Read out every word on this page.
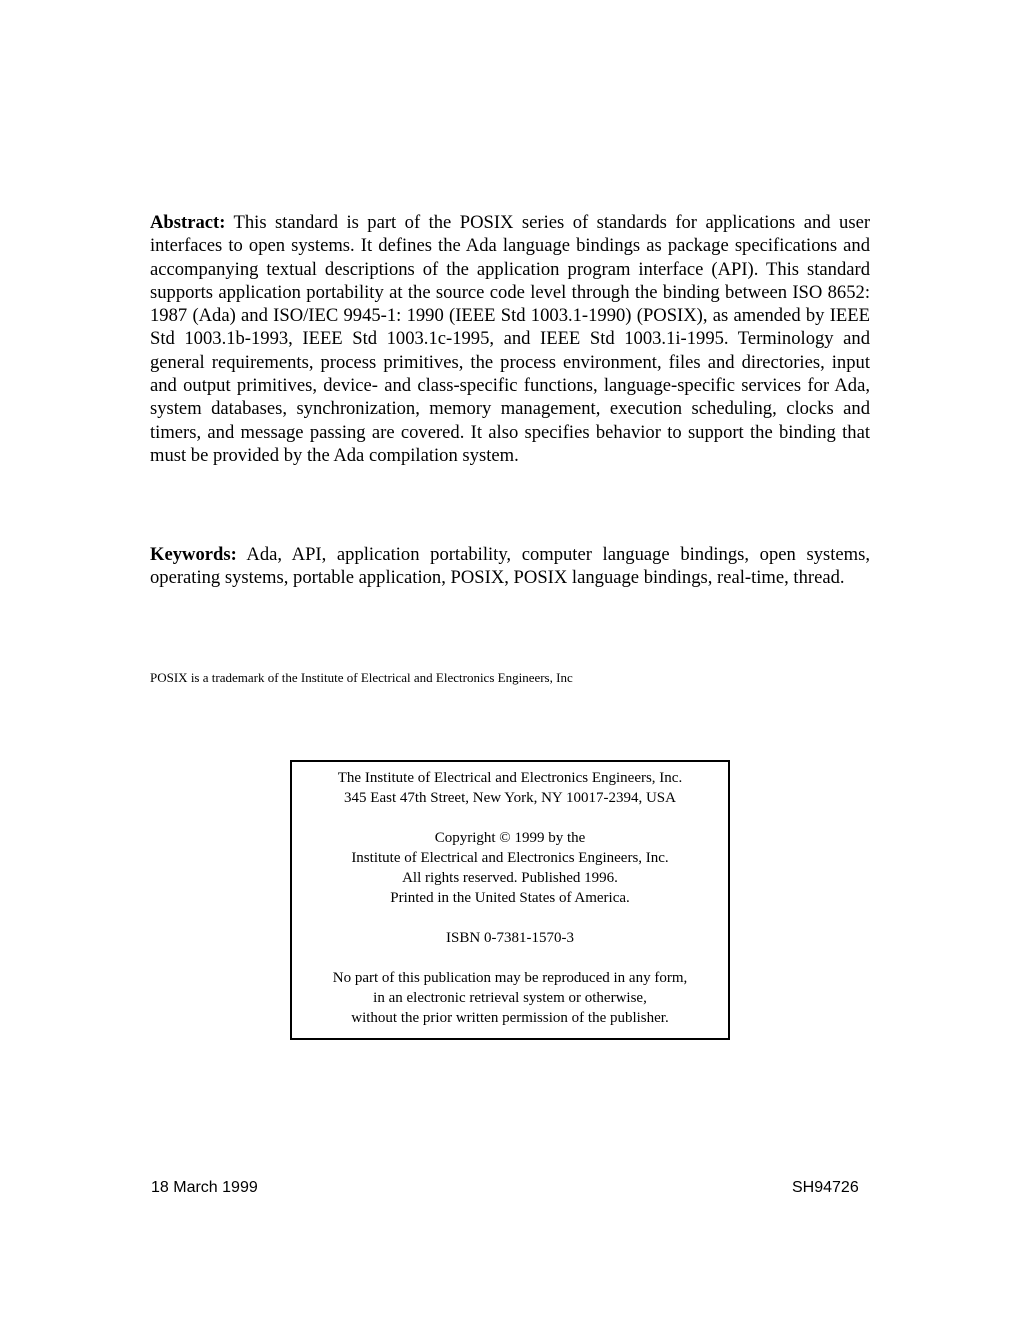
Abstract: This standard is part of the POSIX series of standards for applications and user interfaces to open systems. It defines the Ada language bindings as package specifications and accompanying textual descriptions of the application program interface (API). This standard supports application portability at the source code level through the binding between ISO 8652: 1987 (Ada) and ISO/IEC 9945-1: 1990 (IEEE Std 1003.1-1990) (POSIX), as amended by IEEE Std 1003.1b-1993, IEEE Std 1003.1c-1995, and IEEE Std 1003.1i-1995. Terminology and general requirements, process primitives, the process environment, files and directories, input and output primitives, device- and class-specific functions, language-specific services for Ada, system databases, synchronization, memory management, execution scheduling, clocks and timers, and message passing are covered. It also specifies behavior to support the binding that must be provided by the Ada compilation system.

Keywords: Ada, API, application portability, computer language bindings, open systems, operating systems, portable application, POSIX, POSIX language bindings, real-time, thread.

POSIX is a trademark of the Institute of Electrical and Electronics Engineers, Inc
The Institute of Electrical and Electronics Engineers, Inc.
345 East 47th Street, New York, NY 10017-2394, USA
Copyright © 1999 by the
Institute of Electrical and Electronics Engineers, Inc.
All rights reserved. Published 1996.
Printed in the United States of America.
ISBN 0-7381-1570-3
No part of this publication may be reproduced in any form,
in an electronic retrieval system or otherwise,
without the prior written permission of the publisher.
18 March 1999	SH94726
